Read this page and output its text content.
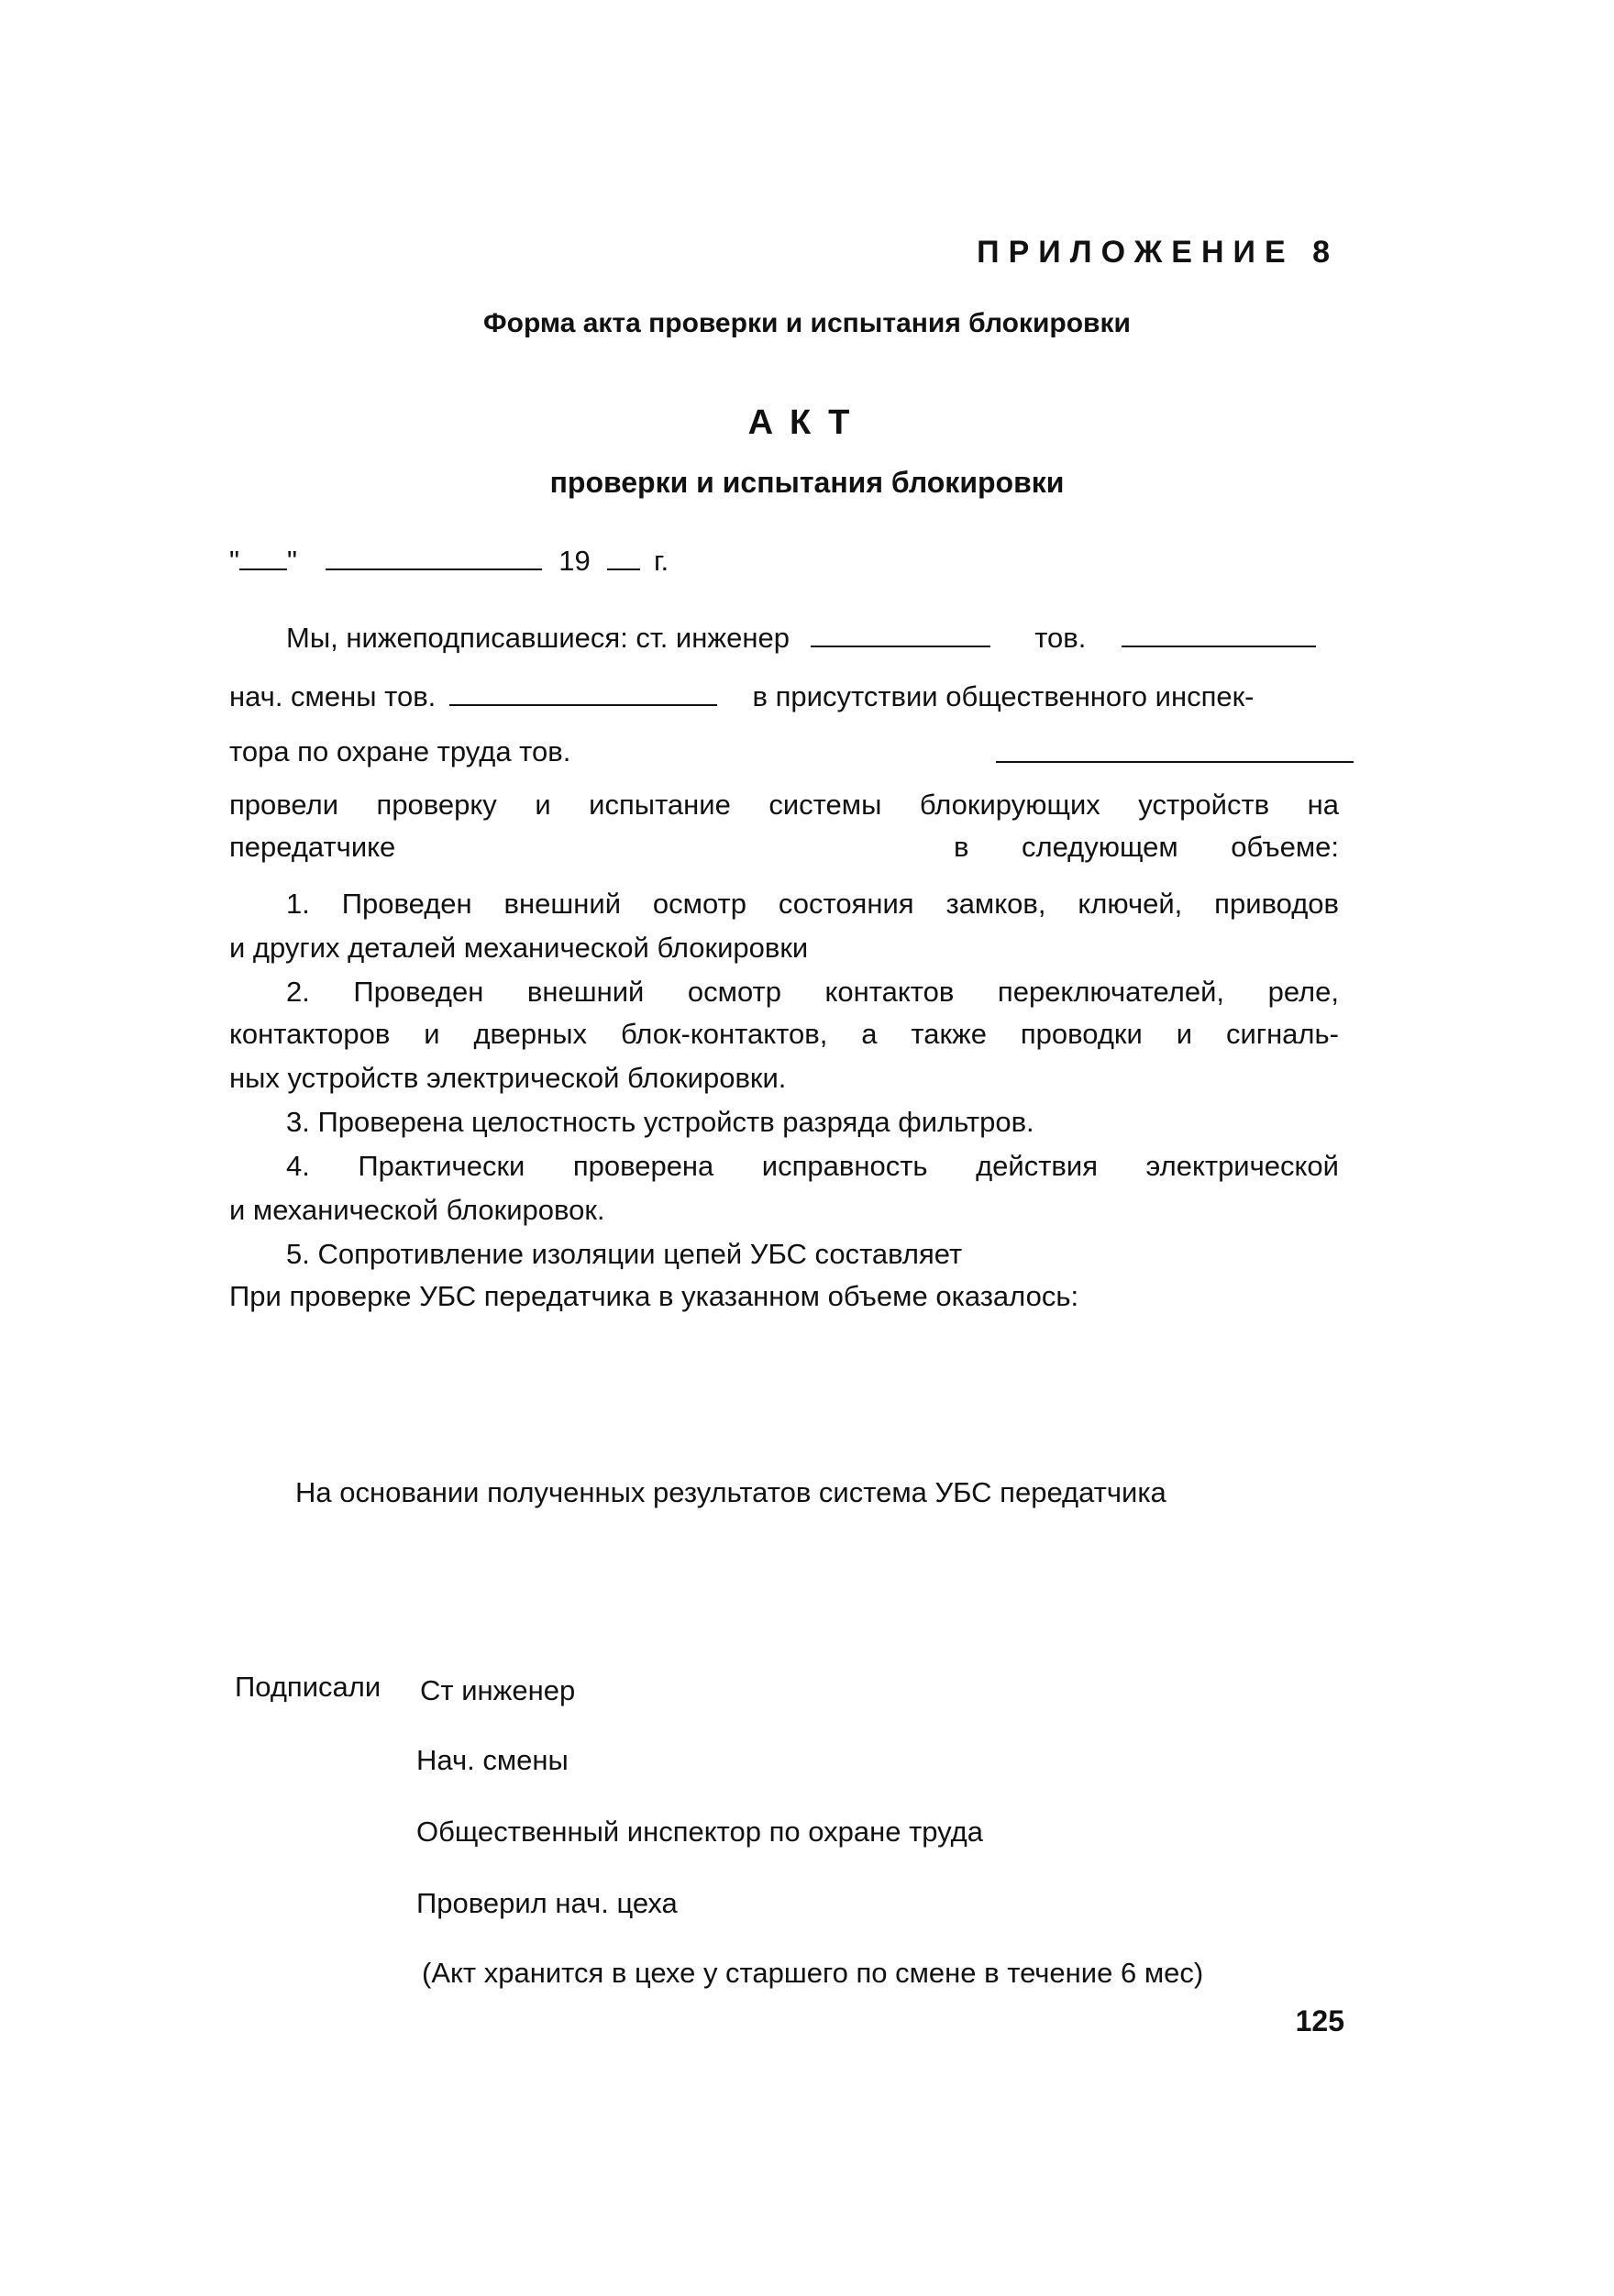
ПРИЛОЖЕНИЕ 8
Форма акта проверки и испытания блокировки
АКТ
проверки и испытания блокировки
" "	19 г.
Мы, нижеподписавшиеся: ст. инженер	тов.
нач. смены тов.	в присутствии общественного инспек-
тора по охране труда тов.
провели проверку и испытание системы блокирующих устройств на
передатчике	в следующем объеме:
1. Проведен внешний осмотр состояния замков, ключей, приводов
и других деталей механической блокировки
2. Проведен внешний осмотр контактов переключателей, реле,
контакторов и дверных блок-контактов, а также проводки и сигналь-
ных устройств электрической блокировки.
3. Проверена целостность устройств разряда фильтров.
4. Практически проверена исправность действия электрической
и механической блокировок.
5. Сопротивление изоляции цепей УБС составляет
При проверке УБС передатчика в указанном объеме оказалось:
На основании полученных результатов система УБС передатчика
Подписали Ст инженер
Нач. смены
Общественный инспектор по охране труда
Проверил нач. цеха
(Акт хранится в цехе у старшего по смене в течение 6 мес)
125
